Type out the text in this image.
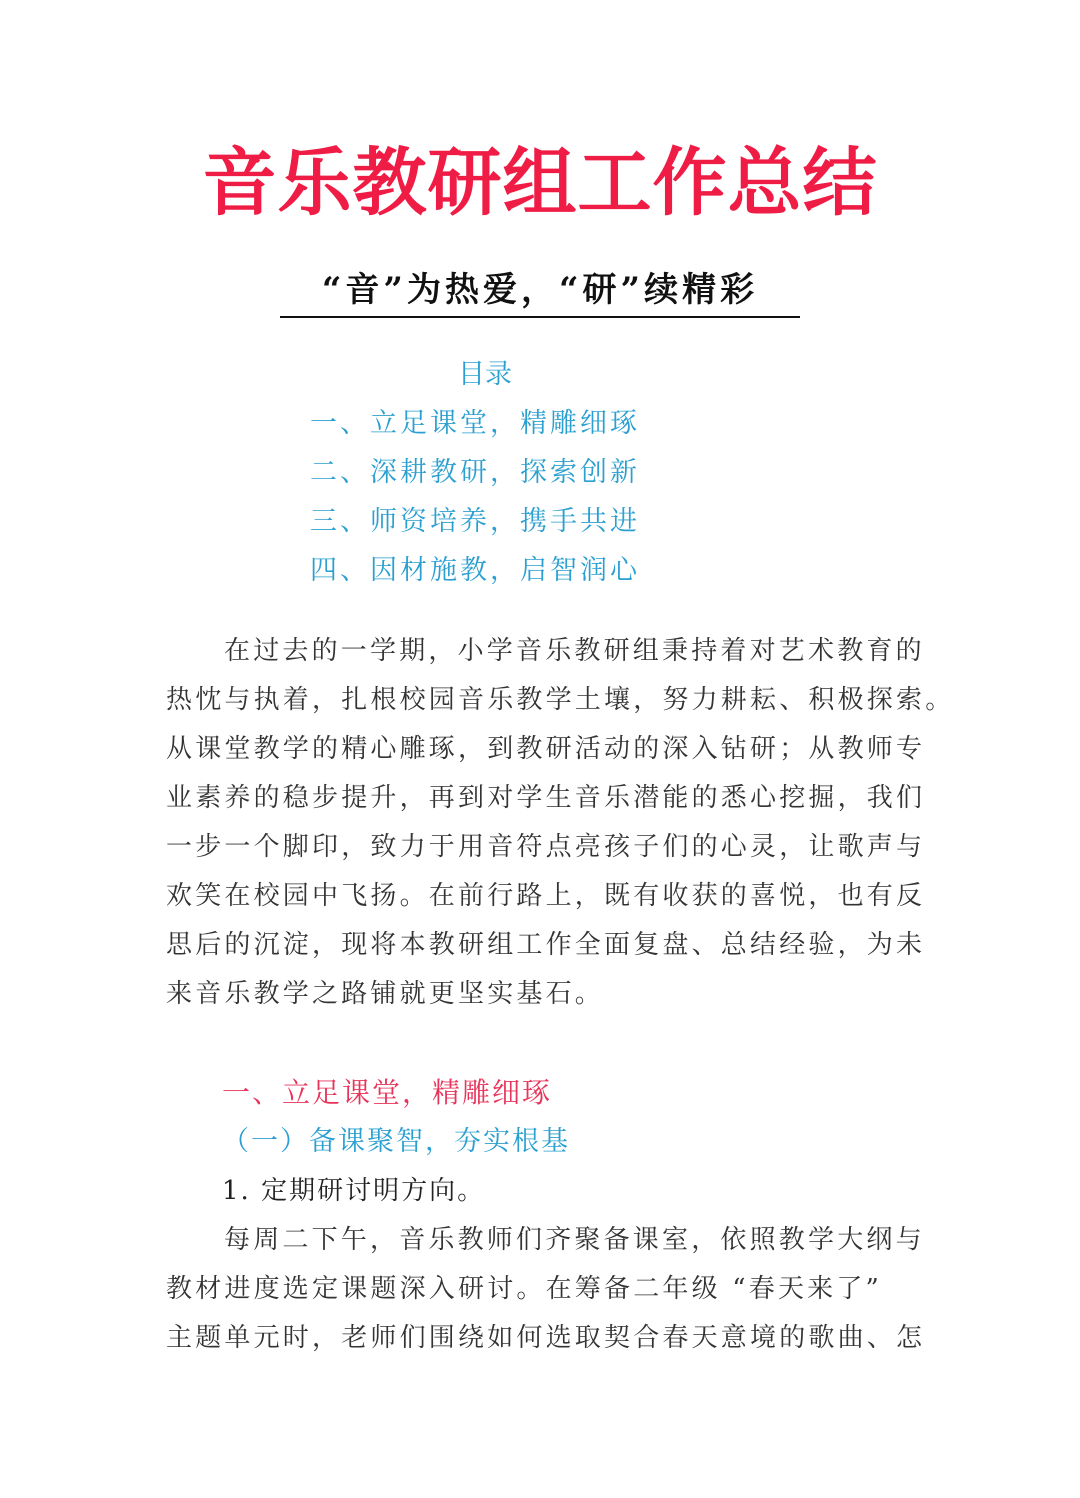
音乐教研组工作总结
“音”为热爱，“研”续精彩
目录
一、立足课堂，精雕细琢
二、深耕教研，探索创新
三、师资培养，携手共进
四、因材施教，启智润心
在过去的一学期，小学音乐教研组秉持着对艺术教育的
热忱与执着，扎根校园音乐教学土壤，努力耕耘、积极探索。
从课堂教学的精心雕琢，到教研活动的深入钻研；从教师专
业素养的稳步提升，再到对学生音乐潜能的悉心挖掘，我们
一步一个脚印，致力于用音符点亮孩子们的心灵，让歌声与
欢笑在校园中飞扬。在前行路上，既有收获的喜悦，也有反
思后的沉淀，现将本教研组工作全面复盘、总结经验，为未
来音乐教学之路铺就更坚实基石。
一、立足课堂，精雕细琢
（一）备课聚智，夯实根基
1. 定期研讨明方向。
每周二下午，音乐教师们齐聚备课室，依照教学大纲与
教材进度选定课题深入研讨。在筹备二年级 “春天来了”
主题单元时，老师们围绕如何选取契合春天意境的歌曲、怎
